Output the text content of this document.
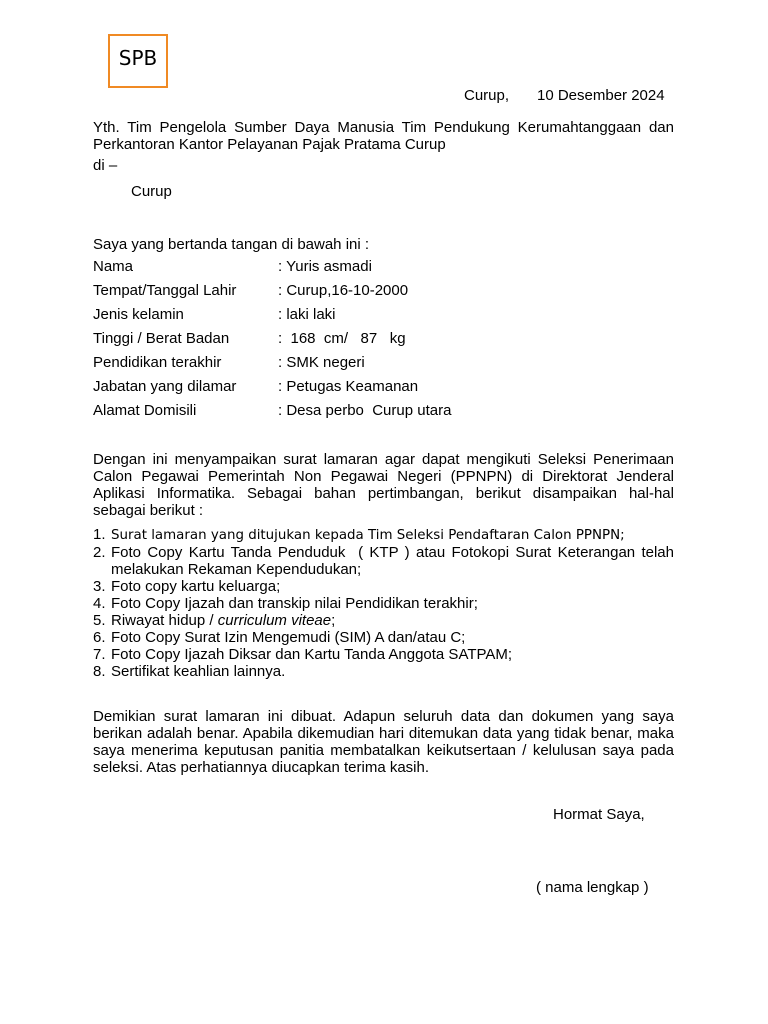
SPB
Curup, 10 Desember 2024
Yth. Tim Pengelola Sumber Daya Manusia Tim Pendukung Kerumahtanggaan dan Perkantoran Kantor Pelayanan Pajak Pratama Curup
di –
Curup
Saya yang bertanda tangan di bawah ini :
Nama	: Yuris asmadi
Tempat/Tanggal Lahir	: Curup,16-10-2000
Jenis kelamin	: laki laki
Tinggi / Berat Badan	:  168  cm/   87   kg
Pendidikan terakhir	: SMK negeri
Jabatan yang dilamar	: Petugas Keamanan
Alamat Domisili	: Desa perbo  Curup utara
Dengan ini menyampaikan surat lamaran agar dapat mengikuti Seleksi Penerimaan Calon Pegawai Pemerintah Non Pegawai Negeri (PPNPN) di Direktorat Jenderal Aplikasi Informatika. Sebagai bahan pertimbangan, berikut disampaikan hal-hal sebagai berikut :
1. Surat lamaran yang ditujukan kepada Tim Seleksi Pendaftaran Calon PPNPN;
2. Foto Copy Kartu Tanda Penduduk  ( KTP ) atau Fotokopi Surat Keterangan telah melakukan Rekaman Kependudukan;
3. Foto copy kartu keluarga;
4. Foto Copy Ijazah dan transkip nilai Pendidikan terakhir;
5. Riwayat hidup / curriculum viteae;
6. Foto Copy Surat Izin Mengemudi (SIM) A dan/atau C;
7. Foto Copy Ijazah Diksar dan Kartu Tanda Anggota SATPAM;
8. Sertifikat keahlian lainnya.
Demikian surat lamaran ini dibuat. Adapun seluruh data dan dokumen yang saya berikan adalah benar. Apabila dikemudian hari ditemukan data yang tidak benar, maka saya menerima keputusan panitia membatalkan keikutsertaan / kelulusan saya pada seleksi. Atas perhatiannya diucapkan terima kasih.
Hormat Saya,
( nama lengkap )
